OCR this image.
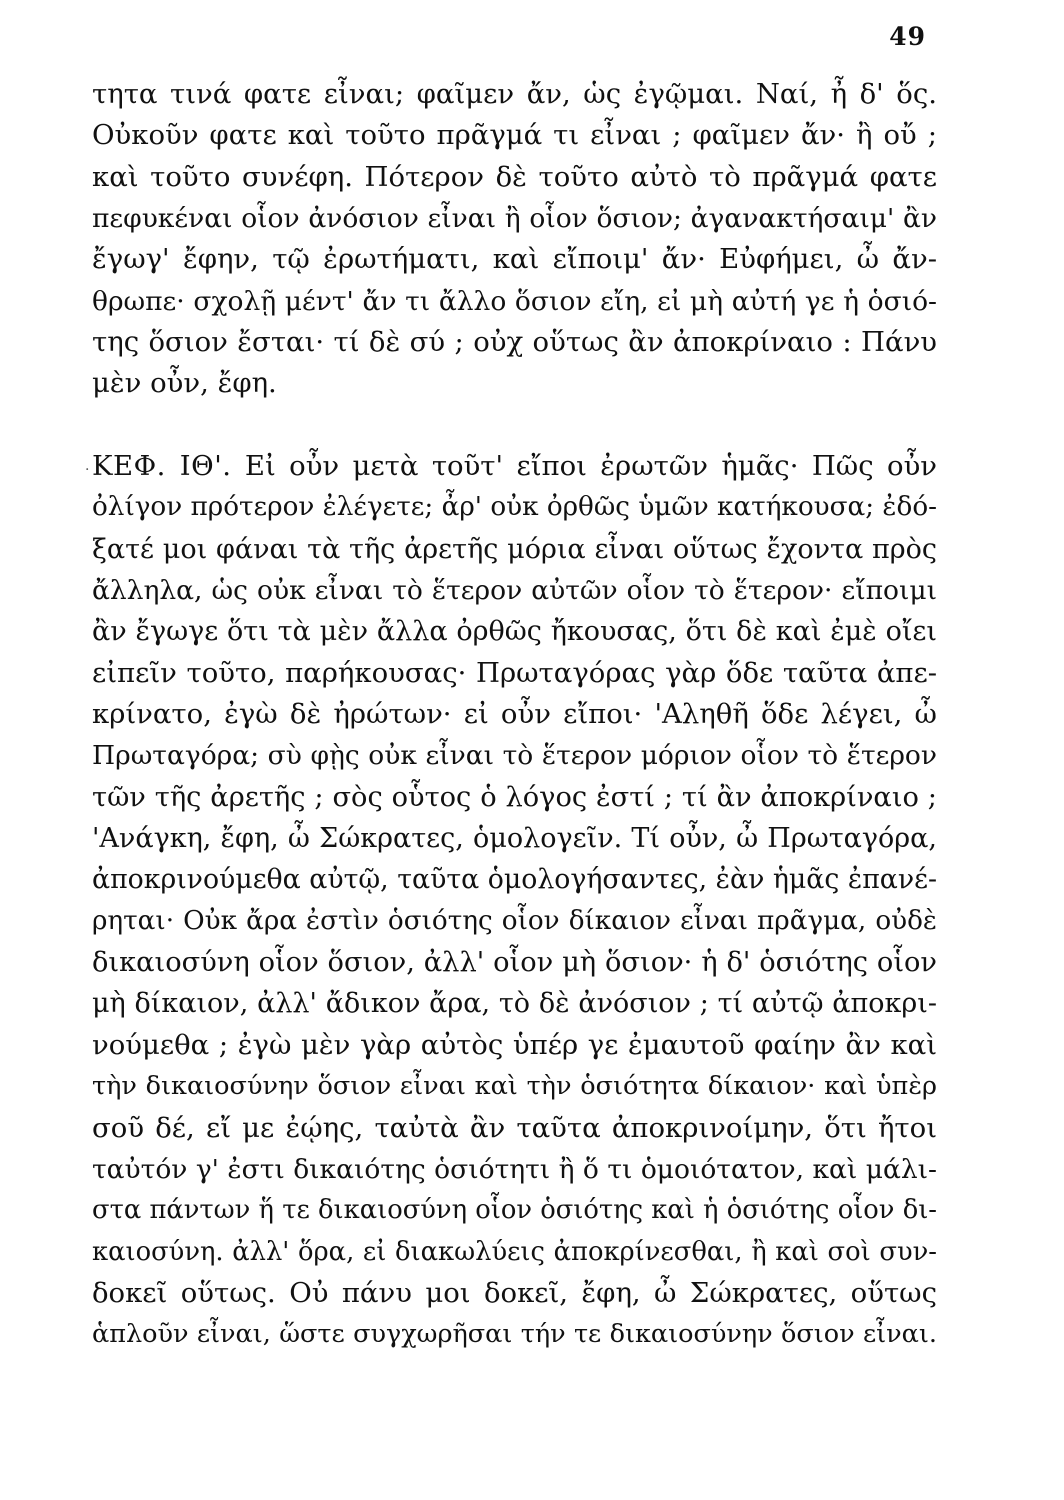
49
·
τητα τινά φατε εἶναι; φαῖμεν ἄν, ὡς ἐγῷμαι. Ναί, ἦ δ' ὅς.
Οὐκοῦν φατε καὶ τοῦτο πρᾶγμά τι εἶναι ; φαῖμεν ἄν· ἢ οὔ ;
καὶ τοῦτο συνέφη. Πότερον δὲ τοῦτο αὐτὸ τὸ πρᾶγμά φατε
πεφυκέναι οἷον ἀνόσιον εἶναι ἢ οἷον ὅσιον; ἀγανακτήσαιμ' ἂν
ἔγωγ' ἔφην, τῷ ἐρωτήματι, καὶ εἴποιμ' ἄν· Εὐφήμει, ὦ ἄν-
θρωπε· σχολῇ μέντ' ἄν τι ἄλλο ὅσιον εἴη, εἰ μὴ αὐτή γε ἡ ὁσιό-
της ὅσιον ἔσται· τί δὲ σύ ; οὐχ οὕτως ἂν ἀποκρίναιο : Πάνυ
μὲν οὖν, ἔφη.
ΚΕΦ. ΙΘ'. Εἰ οὖν μετὰ τοῦτ' εἴποι ἐρωτῶν ἡμᾶς· Πῶς οὖν
ὀλίγον πρότερον ἐλέγετε; ἆρ' οὐκ ὀρθῶς ὑμῶν κατήκουσα; ἐδό-
ξατέ μοι φάναι τὰ τῆς ἀρετῆς μόρια εἶναι οὕτως ἔχοντα πρὸς
ἄλληλα, ὡς οὐκ εἶναι τὸ ἕτερον αὐτῶν οἷον τὸ ἕτερον· εἴποιμι
ἂν ἔγωγε ὅτι τὰ μὲν ἄλλα ὀρθῶς ἤκουσας, ὅτι δὲ καὶ ἐμὲ οἴει
εἰπεῖν τοῦτο, παρήκουσας· Πρωταγόρας γὰρ ὅδε ταῦτα ἀπε-
κρίνατο, ἐγὼ δὲ ἠρώτων· εἰ οὖν εἴποι· 'Αληθῆ ὅδε λέγει, ὦ
Πρωταγόρα; σὺ φῂς οὐκ εἶναι τὸ ἕτερον μόριον οἷον τὸ ἕτερον
τῶν τῆς ἀρετῆς ; σὸς οὗτος ὁ λόγος ἐστί ; τί ἂν ἀποκρίναιο ;
'Ανάγκη, ἔφη, ὦ Σώκρατες, ὁμολογεῖν. Τί οὖν, ὦ Πρωταγόρα,
ἀποκρινούμεθα αὐτῷ, ταῦτα ὁμολογήσαντες, ἐὰν ἡμᾶς ἐπανέ-
ρηται· Οὐκ ἄρα ἐστὶν ὁσιότης οἷον δίκαιον εἶναι πρᾶγμα, οὐδὲ
δικαιοσύνη οἷον ὅσιον, ἀλλ' οἷον μὴ ὅσιον· ἡ δ' ὁσιότης οἷον
μὴ δίκαιον, ἀλλ' ἄδικον ἄρα, τὸ δὲ ἀνόσιον ; τί αὐτῷ ἀποκρι-
νούμεθα ; ἐγὼ μὲν γὰρ αὐτὸς ὑπέρ γε ἐμαυτοῦ φαίην ἂν καὶ
τὴν δικαιοσύνην ὅσιον εἶναι καὶ τὴν ὁσιότητα δίκαιον· καὶ ὑπὲρ
σοῦ δέ, εἴ με ἐῴης, ταὐτὰ ἂν ταῦτα ἀποκρινοίμην, ὅτι ἤτοι
ταὐτόν γ' ἐστι δικαιότης ὁσιότητι ἢ ὅ τι ὁμοιότατον, καὶ μάλι-
στα πάντων ἥ τε δικαιοσύνη οἷον ὁσιότης καὶ ἡ ὁσιότης οἷον δι-
καιοσύνη. ἀλλ' ὅρα, εἰ διακωλύεις ἀποκρίνεσθαι, ἢ καὶ σοὶ συν-
δοκεῖ οὕτως. Οὐ πάνυ μοι δοκεῖ, ἔφη, ὦ Σώκρατες, οὕτως
ἁπλοῦν εἶναι, ὥστε συγχωρῆσαι τήν τε δικαιοσύνην ὅσιον εἶναι.
